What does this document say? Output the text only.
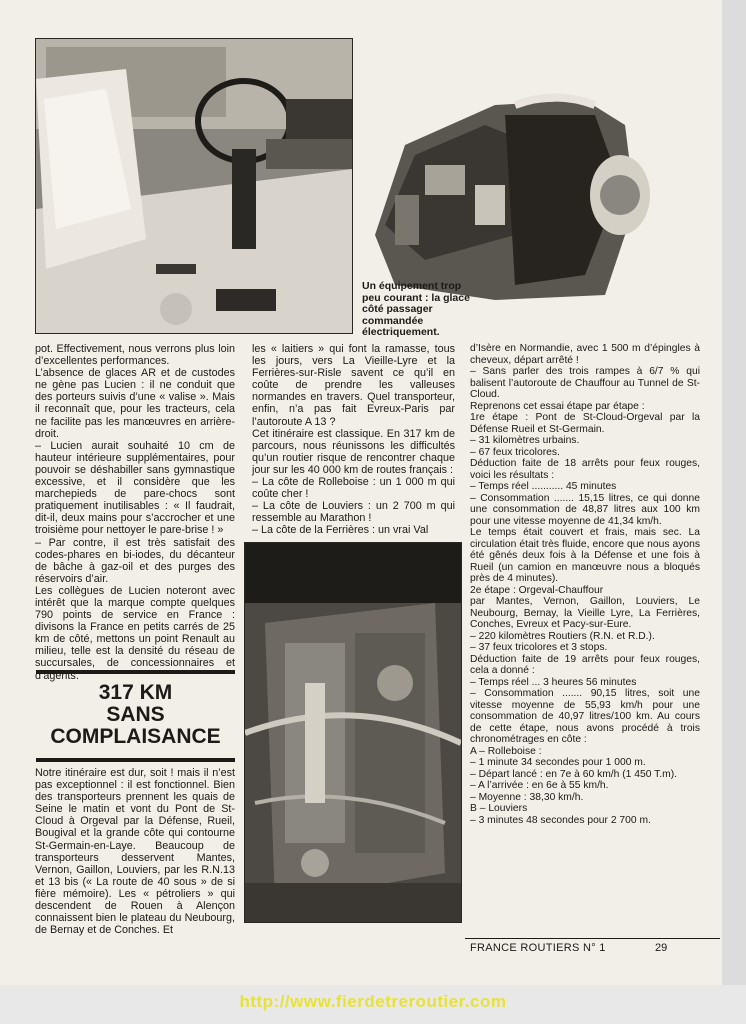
Un équipement trop peu courant : la glace côté passager commandée électriquement.

pot. Effectivement, nous verrons plus loin d’excellentes performances.

L’absence de glaces AR et de custodes ne gène pas Lucien : il ne conduit que des porteurs suivis d’une « valise ». Mais il reconnaît que, pour les tracteurs, cela ne facilite pas les manœuvres en arrière-droit.

– Lucien aurait souhaité 10 cm de hauteur intérieure supplémentaires, pour pouvoir se déshabiller sans gymnastique excessive, et il considère que les marchepieds de pare-chocs sont pratiquement inutilisables : « Il faudrait, dit-il, deux mains pour s’accrocher et une troisième pour nettoyer le pare-brise ! »

– Par contre, il est très satisfait des codes-phares en bi-iodes, du décanteur de bâche à gaz-oil et des purges des réservoirs d’air.

Les collègues de Lucien noteront avec intérêt que la marque compte quelques 790 points de service en France : divisons la France en petits carrés de 25 km de côté, mettons un point Renault au milieu, telle est la densité du réseau de succursales, de concessionnaires et d’agents.

317 KM
SANS
COMPLAISANCE

Notre itinéraire est dur, soit ! mais il n’est pas exceptionnel : il est fonctionnel. Bien des transporteurs prennent les quais de Seine le matin et vont du Pont de St-Cloud à Orgeval par la Défense, Rueil, Bougival et la grande côte qui contourne St-Germain-en-Laye. Beaucoup de transporteurs desservent Mantes, Vernon, Gaillon, Louviers, par les R.N.13 et 13 bis (« La route de 40 sous » de si fière mémoire). Les « pétroliers » qui descendent de Rouen à Alençon connaissent bien le plateau du Neubourg, de Bernay et de Conches. Et

les « laitiers » qui font la ramasse, tous les jours, vers La Vieille-Lyre et la Ferrières-sur-Risle savent ce qu’il en coûte de prendre les valleuses normandes en travers. Quel transporteur, enfin, n’a pas fait Evreux-Paris par l’autoroute A 13 ?

Cet itinéraire est classique. En 317 km de parcours, nous réunissons les difficultés qu’un routier risque de rencontrer chaque jour sur les 40 000 km de routes français :

– La côte de Rolleboise : un 1 000 m qui coûte cher !

– La côte de Louviers : un 2 700 m qui ressemble au Marathon !

– La côte de la Ferrières : un vrai Val

d’Isère en Normandie, avec 1 500 m d’épingles à cheveux, départ arrêté !

– Sans parler des trois rampes à 6/7 % qui balisent l’autoroute de Chauffour au Tunnel de St-Cloud.

Reprenons cet essai étape par étape :

1re étape : Pont de St-Cloud-Orgeval par la Défense Rueil et St-Germain.

– 31 kilomètres urbains.

– 67 feux tricolores.

Déduction faite de 18 arrêts pour feux rouges, voici les résultats :

– Temps réel ........... 45 minutes

– Consommation ....... 15,15 litres, ce qui donne une consommation de 48,87 litres aux 100 km pour une vitesse moyenne de 41,34 km/h.

Le temps était couvert et frais, mais sec. La circulation était très fluide, encore que nous ayons été gênés deux fois à la Défense et une fois à Rueil (un camion en manœuvre nous a bloqués près de 4 minutes).

2e étape : Orgeval-Chauffour

par Mantes, Vernon, Gaillon, Louviers, Le Neubourg, Bernay, la Vieille Lyre, La Ferrières, Conches, Evreux et Pacy-sur-Eure.

– 220 kilomètres Routiers (R.N. et R.D.).

– 37 feux tricolores et 3 stops.

Déduction faite de 19 arrêts pour feux rouges, cela a donné :

– Temps réel ... 3 heures 56 minutes

– Consommation ....... 90,15 litres, soit une vitesse moyenne de 55,93 km/h pour une consommation de 40,97 litres/100 km. Au cours de cette étape, nous avons procédé à trois chronométrages en côte :

A – Rolleboise :

– 1 minute 34 secondes pour 1 000 m.

– Départ lancé : en 7e à 60 km/h (1 450 T.m).

– A l’arrivée : en 6e à 55 km/h.

– Moyenne : 38,30 km/h.

B – Louviers

– 3 minutes 48 secondes pour 2 700 m.

FRANCE ROUTIERS N° 1	29
http://www.fierdetreroutier.com
